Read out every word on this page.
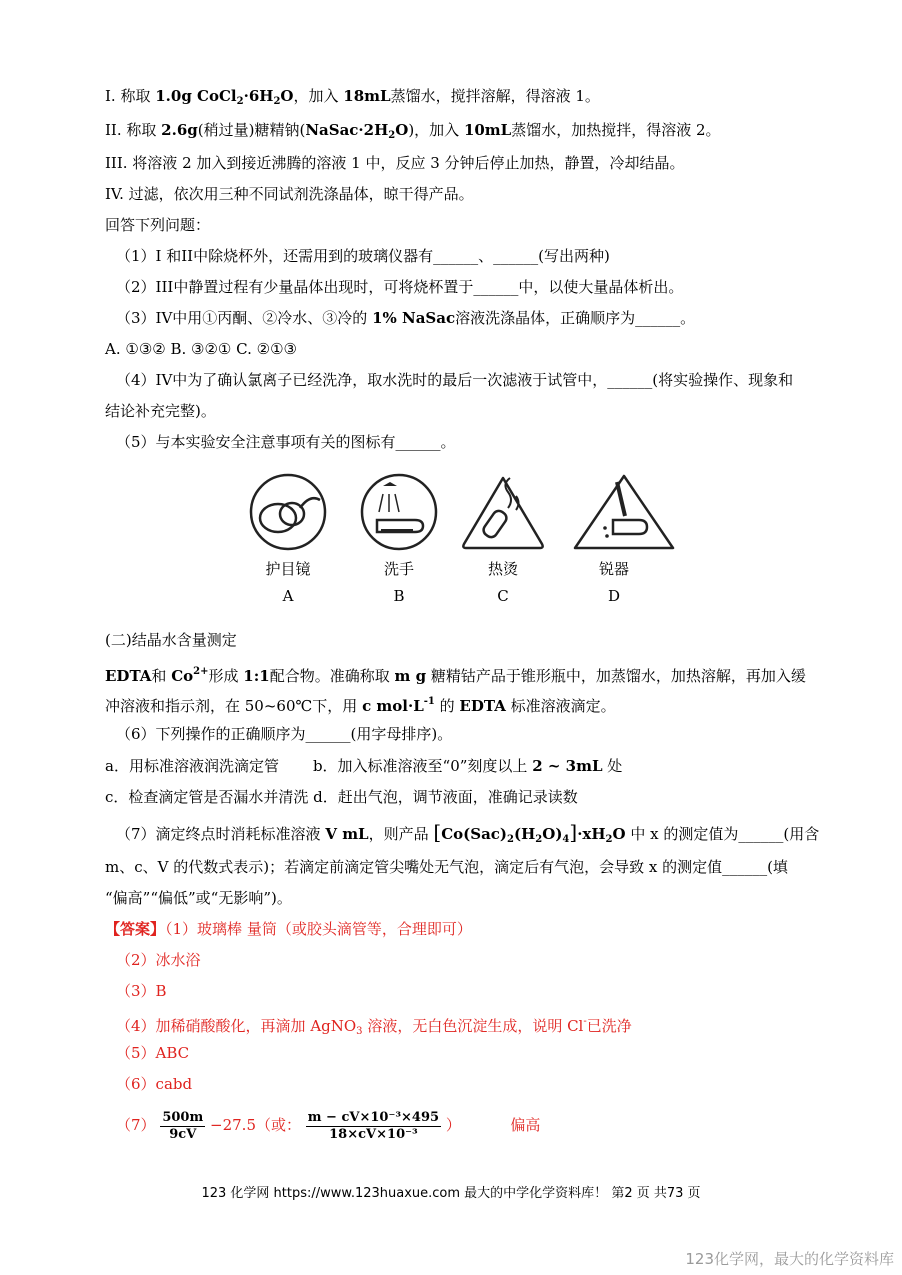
I. 称取 1.0g $CoCl_2\cdot 6H_2O$，加入 18mL蒸馏水，搅拌溶解，得溶液 1。
II. 称取 2.6g(稍过量)糖精钠$(NaSac\cdot 2H_2O)$，加入 10mL蒸馏水，加热搅拌，得溶液 2。
III. 将溶液 2 加入到接近沸腾的溶液 1 中，反应 3 分钟后停止加热，静置，冷却结晶。
IV. 过滤，依次用三种不同试剂洗涤晶体，晾干得产品。
回答下列问题：
（1）I 和II中除烧杯外，还需用到的玻璃仪器有______、______(写出两种)
（2）III中静置过程有少量晶体出现时，可将烧杯置于______中，以使大量晶体析出。
（3）IV中用①丙酮、②冷水、③冷的 1% NaSac溶液洗涤晶体，正确顺序为______。
A. ①③② B. ③②① C. ②①③
（4）IV中为了确认氯离子已经洗净，取水洗时的最后一次滤液于试管中，______(将实验操作、现象和
结论补充完整)。
（5）与本实验安全注意事项有关的图标有______。
护目镜
A
洗手
B
热烫
C
锐器
D
(二)结晶水含量测定
EDTA和 $Co^{2+}$形成 1:1配合物。准确称取 m g 糖精钴产品于锥形瓶中，加蒸馏水，加热溶解，再加入缓
冲溶液和指示剂，在 50~60℃下，用 c $mol\cdot L^{-1}$ 的 EDTA 标准溶液滴定。
（6）下列操作的正确顺序为______(用字母排序)。
a．用标准溶液润洗滴定管 b．加入标准溶液至“0”刻度以上 2 ~ 3mL 处
c．检查滴定管是否漏水并清洗 d．赶出气泡，调节液面，准确记录读数
（7）滴定终点时消耗标准溶液 V mL，则产品 $[Co(Sac)_2(H_2O)_4]\cdot xH_2O$ 中 x 的测定值为______(用含
m、c、V 的代数式表示)；若滴定前滴定管尖嘴处无气泡，滴定后有气泡，会导致 x 的测定值______(填
“偏高”“偏低”或“无影响”)。
【答案】（1）玻璃棒 量筒（或胶头滴管等，合理即可）
（2）冰水浴
（3）B
（4）加稀硝酸酸化，再滴加 AgNO$_3$ 溶液，无白色沉淀生成，说明 Cl-已洗净
（5）ABC
（6）cabd
$(7) \frac{500m}{9cV} -27.5$（或： $\frac{\text{m − cV×10⁻³×495}}{\text{18×cV×10⁻³}}$ ）	偏高
123 化学网 https://www.123huaxue.com 最大的中学化学资料库！ 第2 页 共73 页
123化学网，最大的化学资料库
